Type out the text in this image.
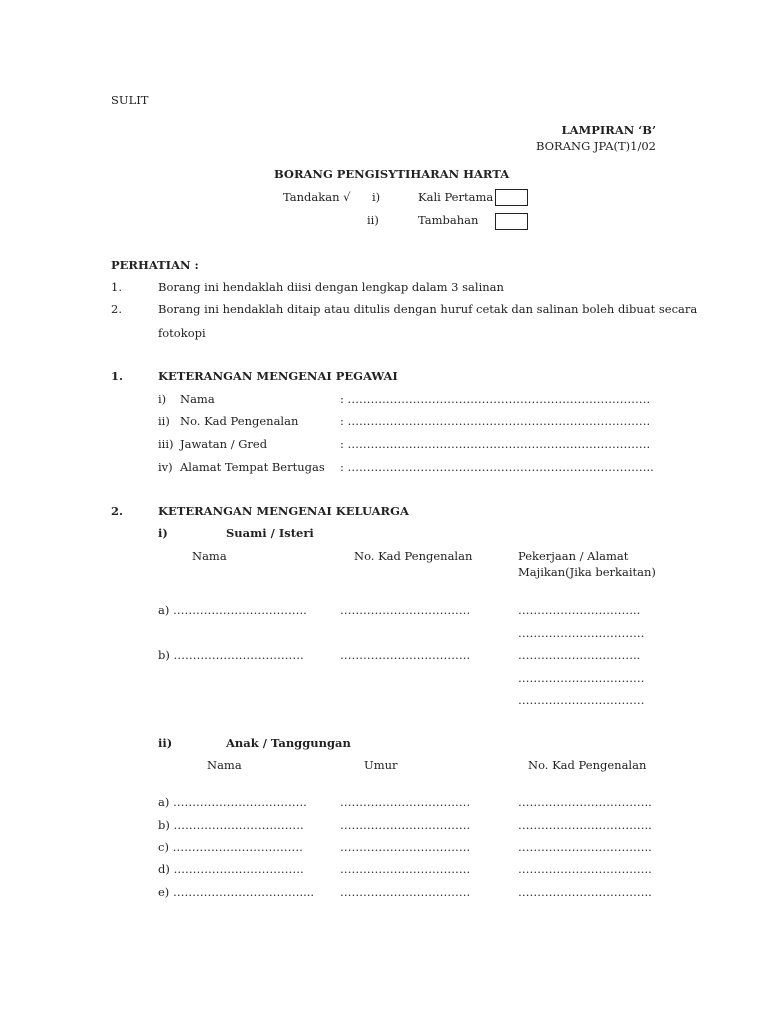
SULIT
LAMPIRAN ‘B’
BORANG JPA(T)1/02
BORANG PENGISYTIHARAN HARTA
Tandakan √ i)	Kali Pertama
ii)	Tambahan
PERHATIAN :
1.	Borang ini hendaklah diisi dengan lengkap dalam 3 salinan
2.	Borang ini hendaklah ditaip atau ditulis dengan huruf cetak dan salinan boleh dibuat secara
fotokopi
1.	KETERANGAN MENGENAI PEGAWAI
i) Nama	: …………………………………………………………………….
ii) No. Kad Pengenalan	: …………………………………………………………………….
iii) Jawatan / Gred	: …………………………………………………………………….
iv) Alamat Tempat Bertugas : ……………………………………………………………………..
2.	KETERANGAN MENGENAI KELUARGA
i)	Suami / Isteri
Nama	No. Kad Pengenalan	Pekerjaan / Alamat
Majikan(Jika berkaitan)
a) ……………………………..	…………………………….	…………………………..
……………………………
b) …………………………….	…………………………….	…………………………..
……………………………
……………………………
ii)	Anak / Tanggungan
Nama	Umur	No. Kad Pengenalan
a) ……………………………..	…………………………….	……………………………..
b) …………………………….	…………………………….	……………………………..
c) …………………………….	…………………………….	……………………………..
d) …………………………….	…………………………….	……………………………..
e) …………………………….... …………………………….	……………………………..
